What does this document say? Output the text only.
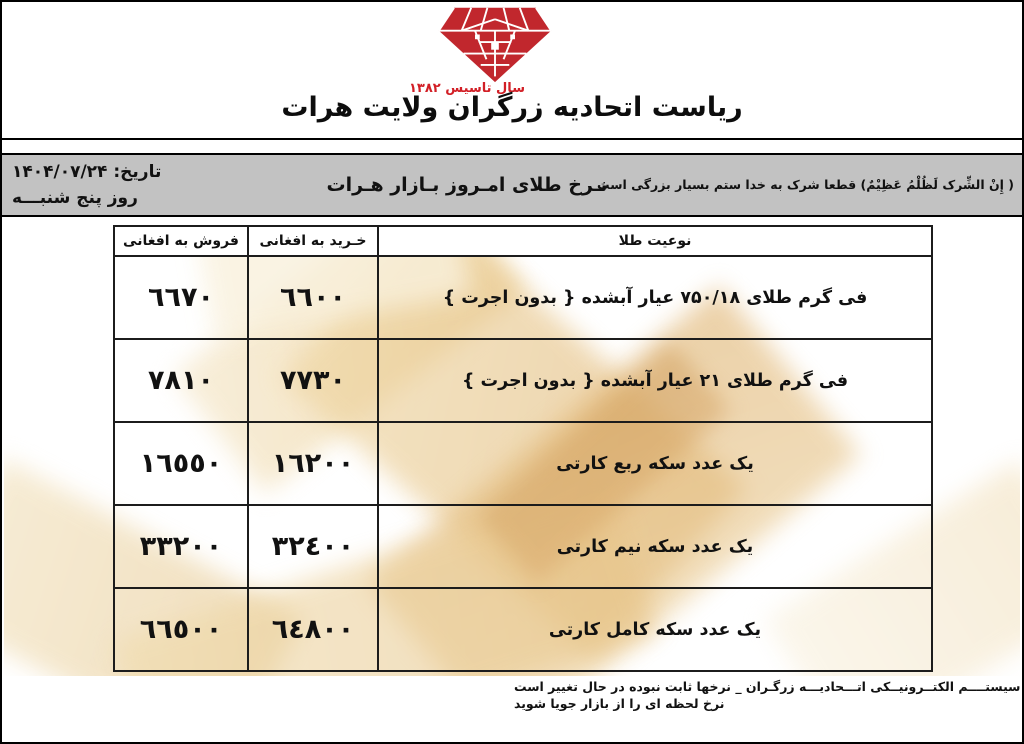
سال تاسیس ۱۳۸۲
ریاست اتحادیه زرگران ولایت هرات
تاریخ: ۱۴۰۴/۰۷/۲۴
روز پنج شنبـــه
نـرخ طلای امـروز بـازار هـرات
( إِنْ الشِّرک لَظُلْمُ عَظِیْمٌ) قطعا شرک به خدا ستم بسیار بزرگی است
نوعیت طلا	خـرید به افغانی	فروش به افغانی
فی گرم طلای ۷۵۰/۱۸ عیار آبشده { بدون اجرت }	٦٦٠٠	٦٦٧٠
فی گرم طلای ۲۱ عیار آبشده { بدون اجرت }	٧٧٣٠	٧٨١٠
یک عدد سکه ربع کارتی	١٦٢٠٠	١٦٥٥٠
یک عدد سکه نیم کارتی	٣٢٤٠٠	٣٣٢٠٠
یک عدد سکه کامل کارتی	٦٤٨٠٠	٦٦٥٠٠
سیستــــم الکتــرونیــکی اتـــحادیـــه زرگـران _ نرخها ثابت نبوده در حال تغییر است
نرخ لحظه ای را از بازار جویا شوید
